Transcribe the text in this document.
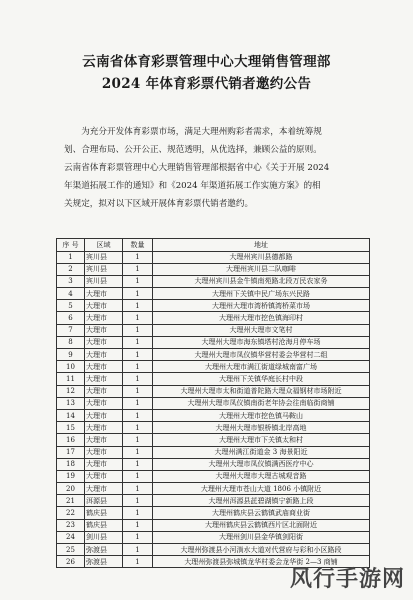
云南省体育彩票管理中心大理销售管理部
2024 年体育彩票代销者邀约公告

为充分开发体育彩票市场，满足大理州购彩者需求，本着统筹规

划、合理布局、公开公正、规范透明，从优选择，兼顾公益的原则。

云南省体育彩票管理中心大理销售管理部根据省中心《关于开展 2024

年渠道拓展工作的通知》和《2024 年渠道拓展工作实施方案》的相

关规定，拟对以下区域开展体育彩票代销者邀约。

序 号	区域	数量	地址
1	宾川县	1	大理州宾川县德都路
2	宾川县	1	大理州宾川县二队咖啡
3	宾川县	1	大理州宾川县金牛镇南苑路北段万民农家务
4	大理市	1	大理州下关镇中民广场东兴民路
5	大理市	1	大理州大理市湾桥镇湾桥菜市场
6	大理市	1	大理州大理市挖色镇海印村
7	大理市	1	大理州大理市文笔村
8	大理市	1	大理州大理市海东镇塔村沧海月停车场
9	大理市	1	大理州大理市凤仪镇华营村委会华营村二组
10	大理市	1	大理州大理市满江街道绿城南富广场
11	大理市	1	大理州下关镇华庭长村中段
12	大理市	1	大理州大理市太和街道普陀路大理众福钢材市场附近
13	大理市	1	大理州大理市凤仪镇南街老年协会往南临街商铺
14	大理市	1	大理州大理市挖色镇马鞍山
15	大理市	1	大理州大理市银桥镇北岸高地
16	大理市	1	大理州大理市下关镇太和村
17	大理市	1	大理州满江街道金 3 海景阳近
18	大理市	1	大理州大理市凤仪镇满西医疗中心
19	大理市	1	大理州大理市大理古城观音路
20	大理市	1	大理州大理市苍山大道 1806 小镇附近
21	洱源县	1	大理州洱源县茈碧湖镇宁新路上段
22	鹤庆县	1	大理州鹤庆县云鹤镇武庙商业街
23	鹤庆县	1	大理州鹤庆县云鹤镇西片区北面附近
24	剑川县	1	大理州剑川县金华镇剑阳街
25	弥渡县	1	大理州弥渡县小河淌水大道对代营府与彩和小区路段
26	弥渡县	1	大理州弥渡县弥城镇龙华村委会龙华街 2—3 商铺
风行手游网
